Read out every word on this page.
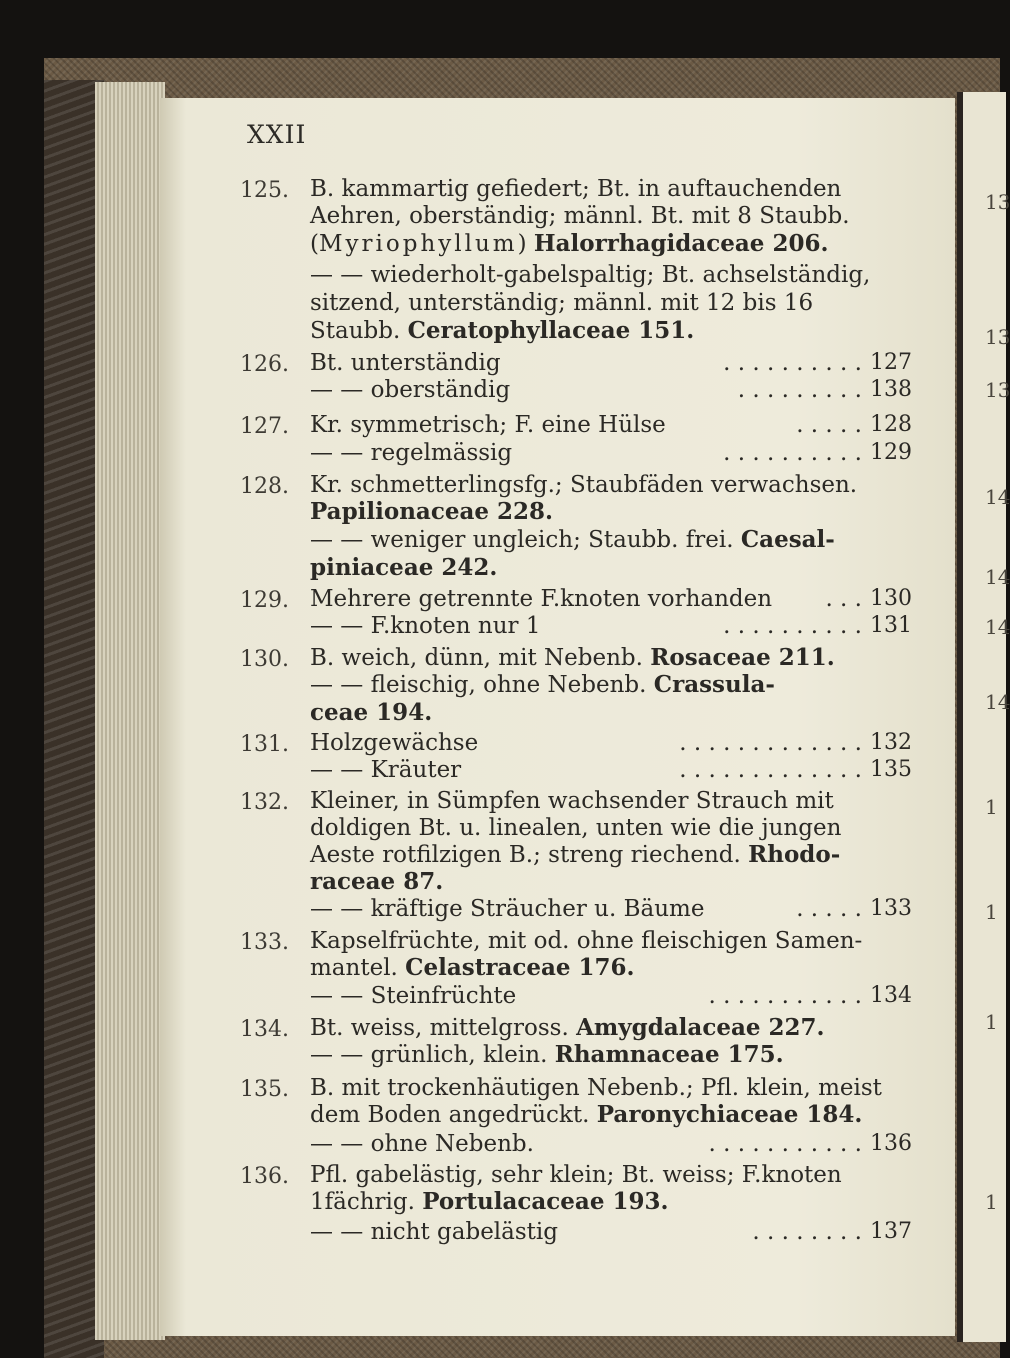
13
13
13
14
14
14
14
1
1
1
1
XXII
125. B. kammartig gefiedert; Bt. in auftauchenden
Aehren, oberständig; männl. Bt. mit 8 Staubb.
(Myriophyllum) Halorrhagidaceae 206.
— — wiederholt-gabelspaltig; Bt. achselständig,
sitzend, unterständig; männl. mit 12 bis 16
Staubb. Ceratophyllaceae 151.
126. Bt. unterständig	. . . . . . . . . . 127
— — oberständig	. . . . . . . . . 138
127. Kr. symmetrisch; F. eine Hülse	. . . . . 128
— — regelmässig	. . . . . . . . . . 129
128. Kr. schmetterlingsfg.; Staubfäden verwachsen.
Papilionaceae 228.
— — weniger ungleich; Staubb. frei. Caesal-
piniaceae 242.
129. Mehrere getrennte F.knoten vorhanden	. . . 130
— — F.knoten nur 1	. . . . . . . . . . 131
130. B. weich, dünn, mit Nebenb. Rosaceae 211.
— — fleischig, ohne Nebenb. Crassula-
ceae 194.
131. Holzgewächse	. . . . . . . . . . . . . 132
— — Kräuter	. . . . . . . . . . . . . 135
132. Kleiner, in Sümpfen wachsender Strauch mit
doldigen Bt. u. linealen, unten wie die jungen
Aeste rotfilzigen B.; streng riechend. Rhodo-
raceae 87.
— — kräftige Sträucher u. Bäume	. . . . . 133
133. Kapselfrüchte, mit od. ohne fleischigen Samen-
mantel. Celastraceae 176.
— — Steinfrüchte	. . . . . . . . . . . 134
134. Bt. weiss, mittelgross. Amygdalaceae 227.
— — grünlich, klein. Rhamnaceae 175.
135. B. mit trockenhäutigen Nebenb.; Pfl. klein, meist
dem Boden angedrückt. Paronychiaceae 184.
— — ohne Nebenb.	. . . . . . . . . . . 136
136. Pfl. gabelästig, sehr klein; Bt. weiss; F.knoten
1fächrig. Portulacaceae 193.
— — nicht gabelästig	. . . . . . . . 137
